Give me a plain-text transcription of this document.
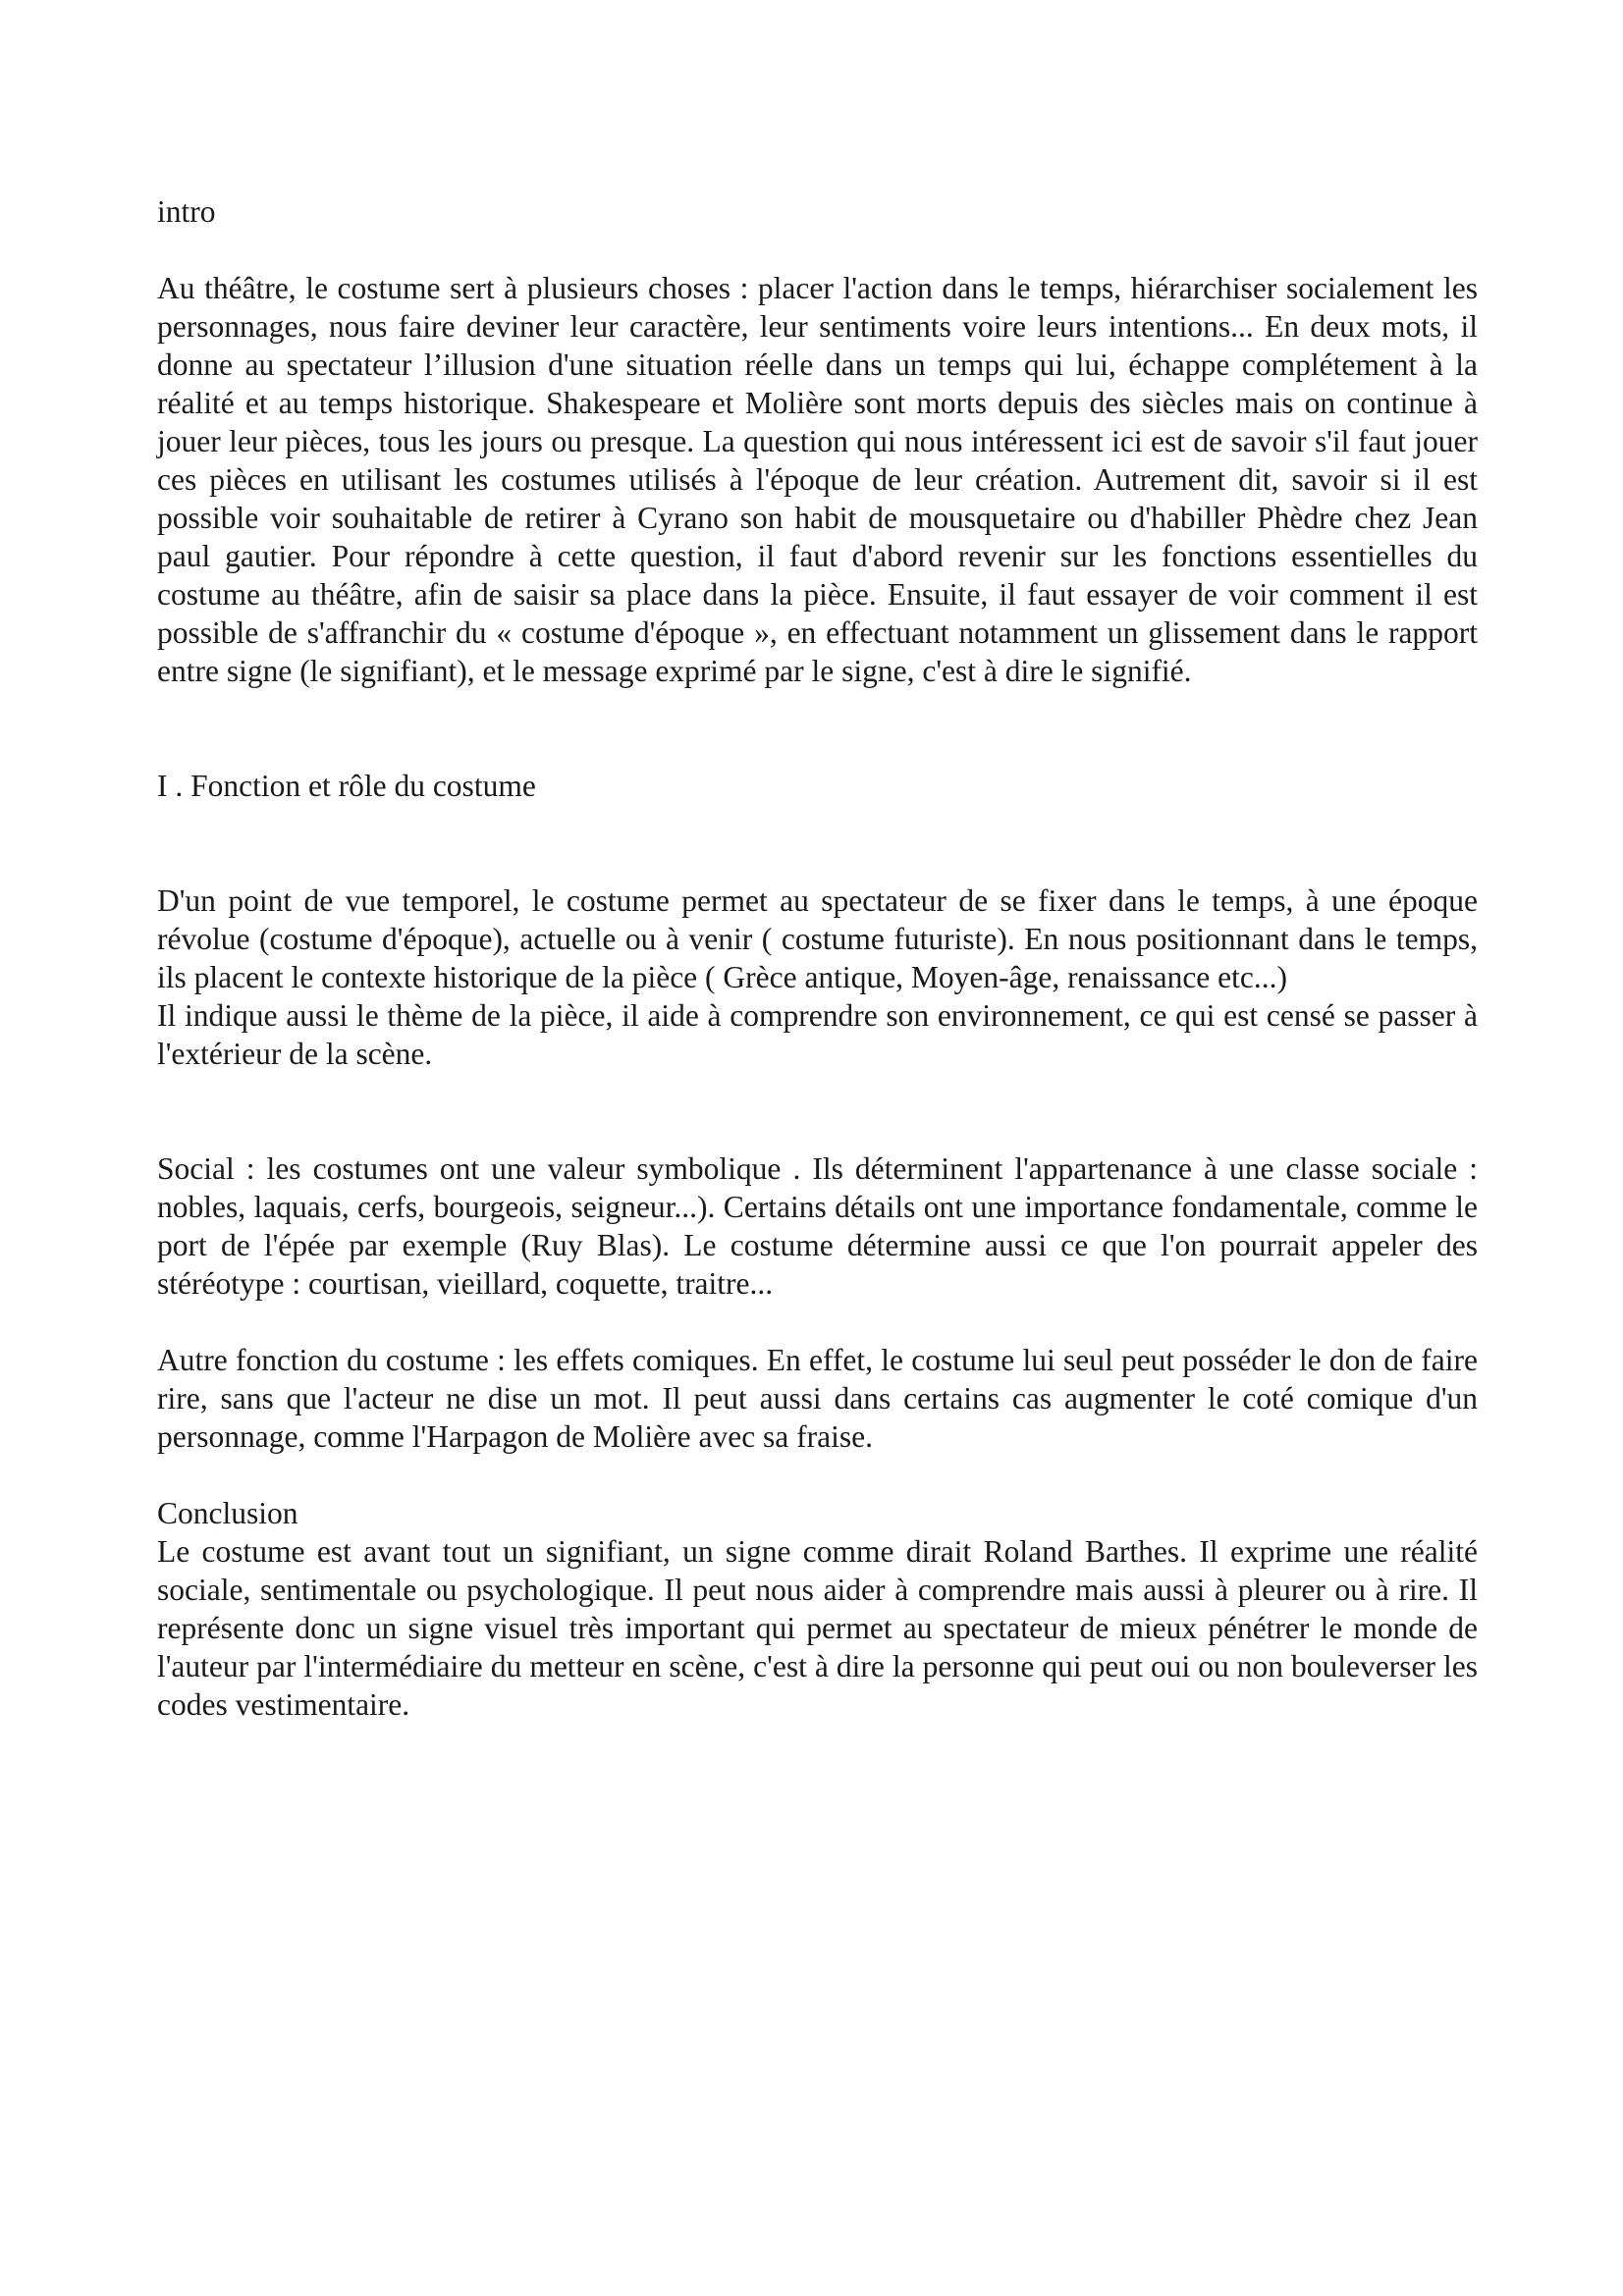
intro

Au théâtre, le costume sert à plusieurs choses : placer l'action dans le temps, hiérarchiser socialement les personnages, nous faire deviner leur caractère, leur sentiments voire leurs intentions... En deux mots, il donne au spectateur l’illusion d'une situation réelle dans un temps qui lui, échappe complétement à la réalité et au temps historique. Shakespeare et Molière sont morts depuis des siècles mais on continue à jouer leur pièces, tous les jours ou presque. La question qui nous intéressent ici est de savoir s'il faut jouer ces pièces en utilisant les costumes utilisés à l'époque de leur création. Autrement dit, savoir si il est possible voir souhaitable de retirer à Cyrano son habit de mousquetaire ou d'habiller Phèdre chez Jean paul gautier. Pour répondre à cette question, il faut d'abord revenir sur les fonctions essentielles du costume au théâtre, afin de saisir sa place dans la pièce. Ensuite, il faut essayer de voir comment il est possible de s'affranchir du « costume d'époque », en effectuant notamment un glissement dans le rapport entre signe (le signifiant), et le message exprimé par le signe, c'est à dire le signifié.

I . Fonction et rôle du costume

D'un point de vue temporel, le costume permet au spectateur de se fixer dans le temps, à une époque révolue (costume d'époque), actuelle ou à venir ( costume futuriste). En nous positionnant dans le temps, ils placent le contexte historique de la pièce ( Grèce antique, Moyen-âge, renaissance etc...)

Il indique aussi le thème de la pièce, il aide à comprendre son environnement, ce qui est censé se passer à l'extérieur de la scène.

Social : les costumes ont une valeur symbolique . Ils déterminent l'appartenance à une classe sociale : nobles, laquais, cerfs, bourgeois, seigneur...). Certains détails ont une importance fondamentale, comme le port de l'épée par exemple (Ruy Blas). Le costume détermine aussi ce que l'on pourrait appeler des stéréotype : courtisan, vieillard, coquette, traitre...

Autre fonction du costume : les effets comiques. En effet, le costume lui seul peut posséder le don de faire rire, sans que l'acteur ne dise un mot. Il peut aussi dans certains cas augmenter le coté comique d'un personnage, comme l'Harpagon de Molière avec sa fraise.

Conclusion

Le costume est avant tout un signifiant, un signe comme dirait Roland Barthes. Il exprime une réalité sociale, sentimentale ou psychologique. Il peut nous aider à comprendre mais aussi à pleurer ou à rire. Il représente donc un signe visuel très important qui permet au spectateur de mieux pénétrer le monde de l'auteur par l'intermédiaire du metteur en scène, c'est à dire la personne qui peut oui ou non bouleverser les codes vestimentaire.
